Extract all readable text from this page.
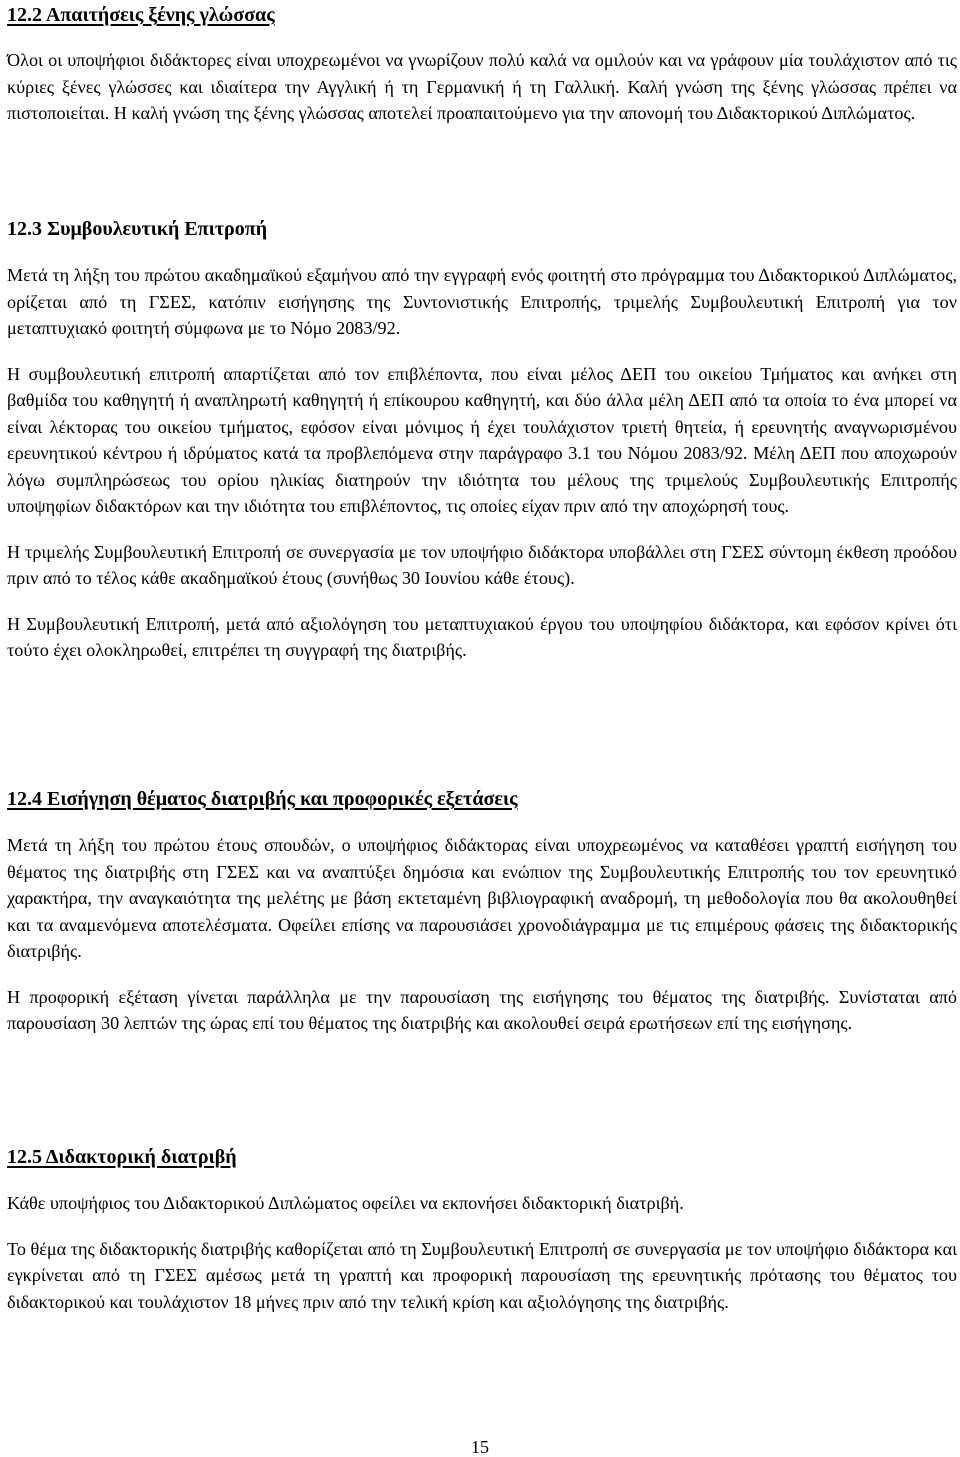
12.2 Απαιτήσεις ξένης γλώσσας

Όλοι οι υποψήφιοι διδάκτορες είναι υποχρεωμένοι να γνωρίζουν πολύ καλά να ομιλούν και να γράφουν μία τουλάχιστον από τις κύριες ξένες γλώσσες και ιδιαίτερα την Αγγλική ή τη Γερμανική ή τη Γαλλική. Καλή γνώση της ξένης γλώσσας πρέπει να πιστοποιείται. Η καλή γνώση της ξένης γλώσσας αποτελεί προαπαιτούμενο για την απονομή του Διδακτορικού Διπλώματος.

12.3 Συμβουλευτική Επιτροπή

Μετά τη λήξη του πρώτου ακαδημαϊκού εξαμήνου από την εγγραφή ενός φοιτητή στο πρόγραμμα του Διδακτορικού Διπλώματος, ορίζεται από τη ΓΣΕΣ, κατόπιν εισήγησης της Συντονιστικής Επιτροπής, τριμελής Συμβουλευτική Επιτροπή για τον μεταπτυχιακό φοιτητή σύμφωνα με το Νόμο 2083/92.

Η συμβουλευτική επιτροπή απαρτίζεται από τον επιβλέποντα, που είναι μέλος ΔΕΠ του οικείου Τμήματος και ανήκει στη βαθμίδα του καθηγητή ή αναπληρωτή καθηγητή ή επίκουρου καθηγητή, και δύο άλλα μέλη ΔΕΠ από τα οποία το ένα μπορεί να είναι λέκτορας του οικείου τμήματος, εφόσον είναι μόνιμος ή έχει τουλάχιστον τριετή θητεία, ή ερευνητής αναγνωρισμένου ερευνητικού κέντρου ή ιδρύματος κατά τα προβλεπόμενα στην παράγραφο 3.1 του Νόμου 2083/92. Μέλη ΔΕΠ που αποχωρούν λόγω συμπληρώσεως του ορίου ηλικίας διατηρούν την ιδιότητα του μέλους της τριμελούς Συμβουλευτικής Επιτροπής υποψηφίων διδακτόρων και την ιδιότητα του επιβλέποντος, τις οποίες είχαν πριν από την αποχώρησή τους.

Η τριμελής Συμβουλευτική Επιτροπή σε συνεργασία με τον υποψήφιο διδάκτορα υποβάλλει στη ΓΣΕΣ σύντομη έκθεση προόδου πριν από το τέλος κάθε ακαδημαϊκού έτους (συνήθως 30 Ιουνίου κάθε έτους).

Η Συμβουλευτική Επιτροπή, μετά από αξιολόγηση του μεταπτυχιακού έργου του υποψηφίου διδάκτορα, και εφόσον κρίνει ότι τούτο έχει ολοκληρωθεί, επιτρέπει τη συγγραφή της διατριβής.

12.4 Εισήγηση θέματος διατριβής και προφορικές εξετάσεις

Μετά τη λήξη του πρώτου έτους σπουδών, ο υποψήφιος διδάκτορας είναι υποχρεωμένος να καταθέσει γραπτή εισήγηση του θέματος της διατριβής στη ΓΣΕΣ και να αναπτύξει δημόσια και ενώπιον της Συμβουλευτικής Επιτροπής του τον ερευνητικό χαρακτήρα, την αναγκαιότητα της μελέτης με βάση εκτεταμένη βιβλιογραφική αναδρομή, τη μεθοδολογία που θα ακολουθηθεί και τα αναμενόμενα αποτελέσματα. Οφείλει επίσης να παρουσιάσει χρονοδιάγραμμα με τις επιμέρους φάσεις της διδακτορικής διατριβής.

Η προφορική εξέταση γίνεται παράλληλα με την παρουσίαση της εισήγησης του θέματος της διατριβής. Συνίσταται από παρουσίαση 30 λεπτών της ώρας επί του θέματος της διατριβής και ακολουθεί σειρά ερωτήσεων επί της εισήγησης.

12.5 Διδακτορική διατριβή

Κάθε υποψήφιος του Διδακτορικού Διπλώματος οφείλει να εκπονήσει διδακτορική διατριβή.

Το θέμα της διδακτορικής διατριβής καθορίζεται από τη Συμβουλευτική Επιτροπή σε συνεργασία με τον υποψήφιο διδάκτορα και εγκρίνεται από τη ΓΣΕΣ αμέσως μετά τη γραπτή και προφορική παρουσίαση της ερευνητικής πρότασης του θέματος του διδακτορικού και τουλάχιστον 18 μήνες πριν από την τελική κρίση και αξιολόγησης της διατριβής.

15
